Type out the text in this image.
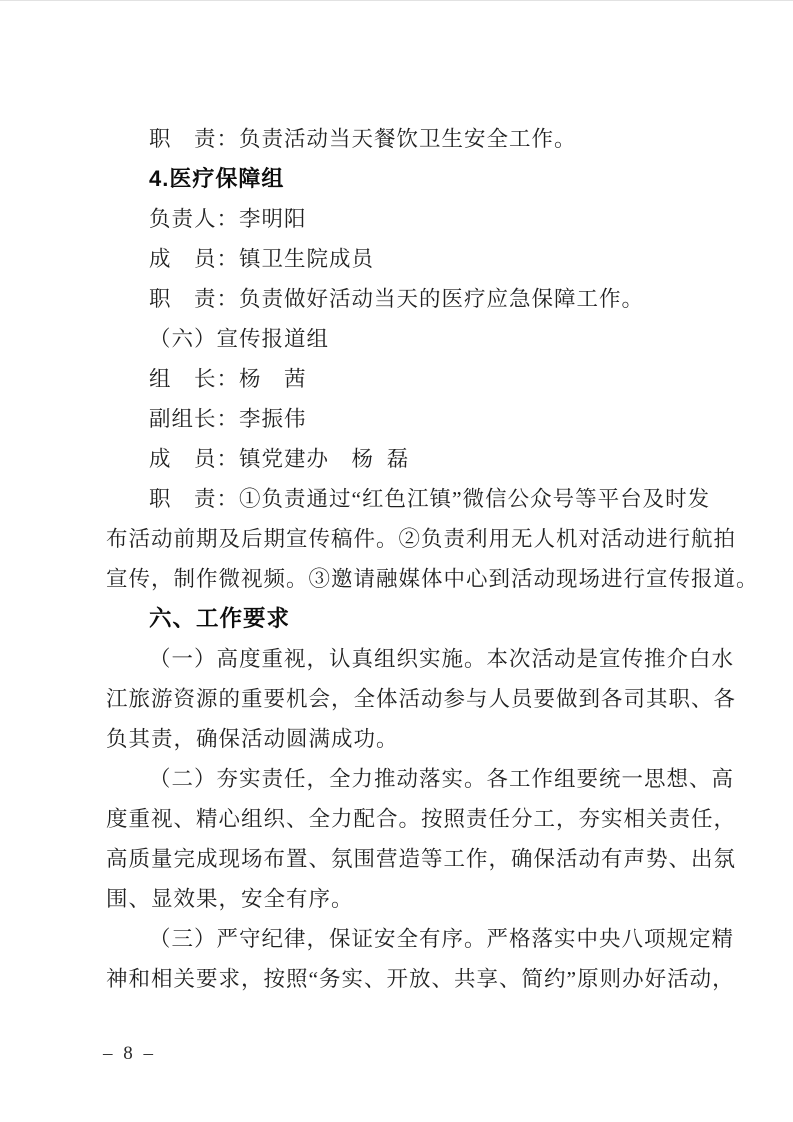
职　责：负责活动当天餐饮卫生安全工作。
4.医疗保障组
负责人：李明阳
成　员：镇卫生院成员
职　责：负责做好活动当天的医疗应急保障工作。
（六）宣传报道组
组　长：杨　茜
副组长：李振伟
成　员：镇党建办　杨  磊
职　责：①负责通过“红色江镇”微信公众号等平台及时发
布活动前期及后期宣传稿件。②负责利用无人机对活动进行航拍
宣传，制作微视频。③邀请融媒体中心到活动现场进行宣传报道。
六、工作要求
（一）高度重视，认真组织实施。本次活动是宣传推介白水
江旅游资源的重要机会，全体活动参与人员要做到各司其职、各
负其责，确保活动圆满成功。
（二）夯实责任，全力推动落实。各工作组要统一思想、高
度重视、精心组织、全力配合。按照责任分工，夯实相关责任，
高质量完成现场布置、氛围营造等工作，确保活动有声势、出氛
围、显效果，安全有序。
（三）严守纪律，保证安全有序。严格落实中央八项规定精
神和相关要求，按照“务实、开放、共享、简约”原则办好活动，
– 8 –
